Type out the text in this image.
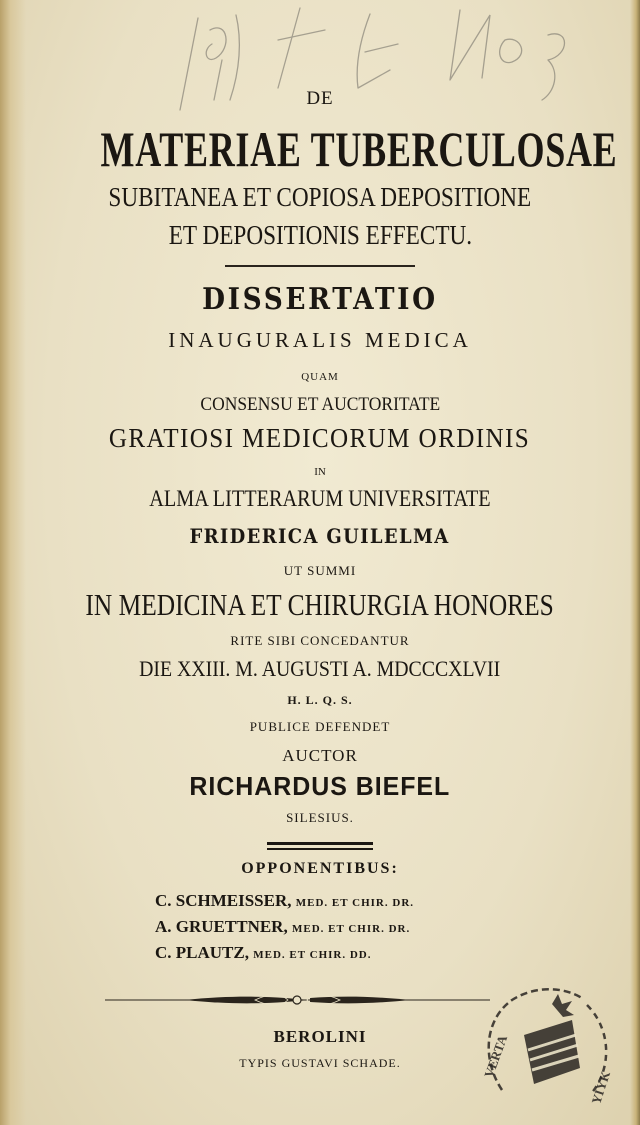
DE

MATERIAE TUBERCULOSAE

SUBITANEA ET COPIOSA DEPOSITIONE

ET DEPOSITIONIS EFFECTU.

DISSERTATIO

INAUGURALIS MEDICA

QUAM

CONSENSU ET AUCTORITATE

GRATIOSI MEDICORUM ORDINIS

IN

ALMA LITTERARUM UNIVERSITATE

FRIDERICA GUILELMA

UT SUMMI

IN MEDICINA ET CHIRURGIA HONORES

RITE SIBI CONCEDANTUR

DIE XXIII. M. AUGUSTI A. MDCCCXLVII

H. L. Q. S.

PUBLICE DEFENDET

AUCTOR

RICHARDUS BIEFEL

SILESIUS.

OPPONENTIBUS:

C. SCHMEISSER, MED. ET CHIR. DR.
A. GRUETTNER, MED. ET CHIR. DR.
C. PLAUTZ, MED. ET CHIR. DD.

BEROLINI

TYPIS GUSTAVI SCHADE.	VERTA
YIYK
